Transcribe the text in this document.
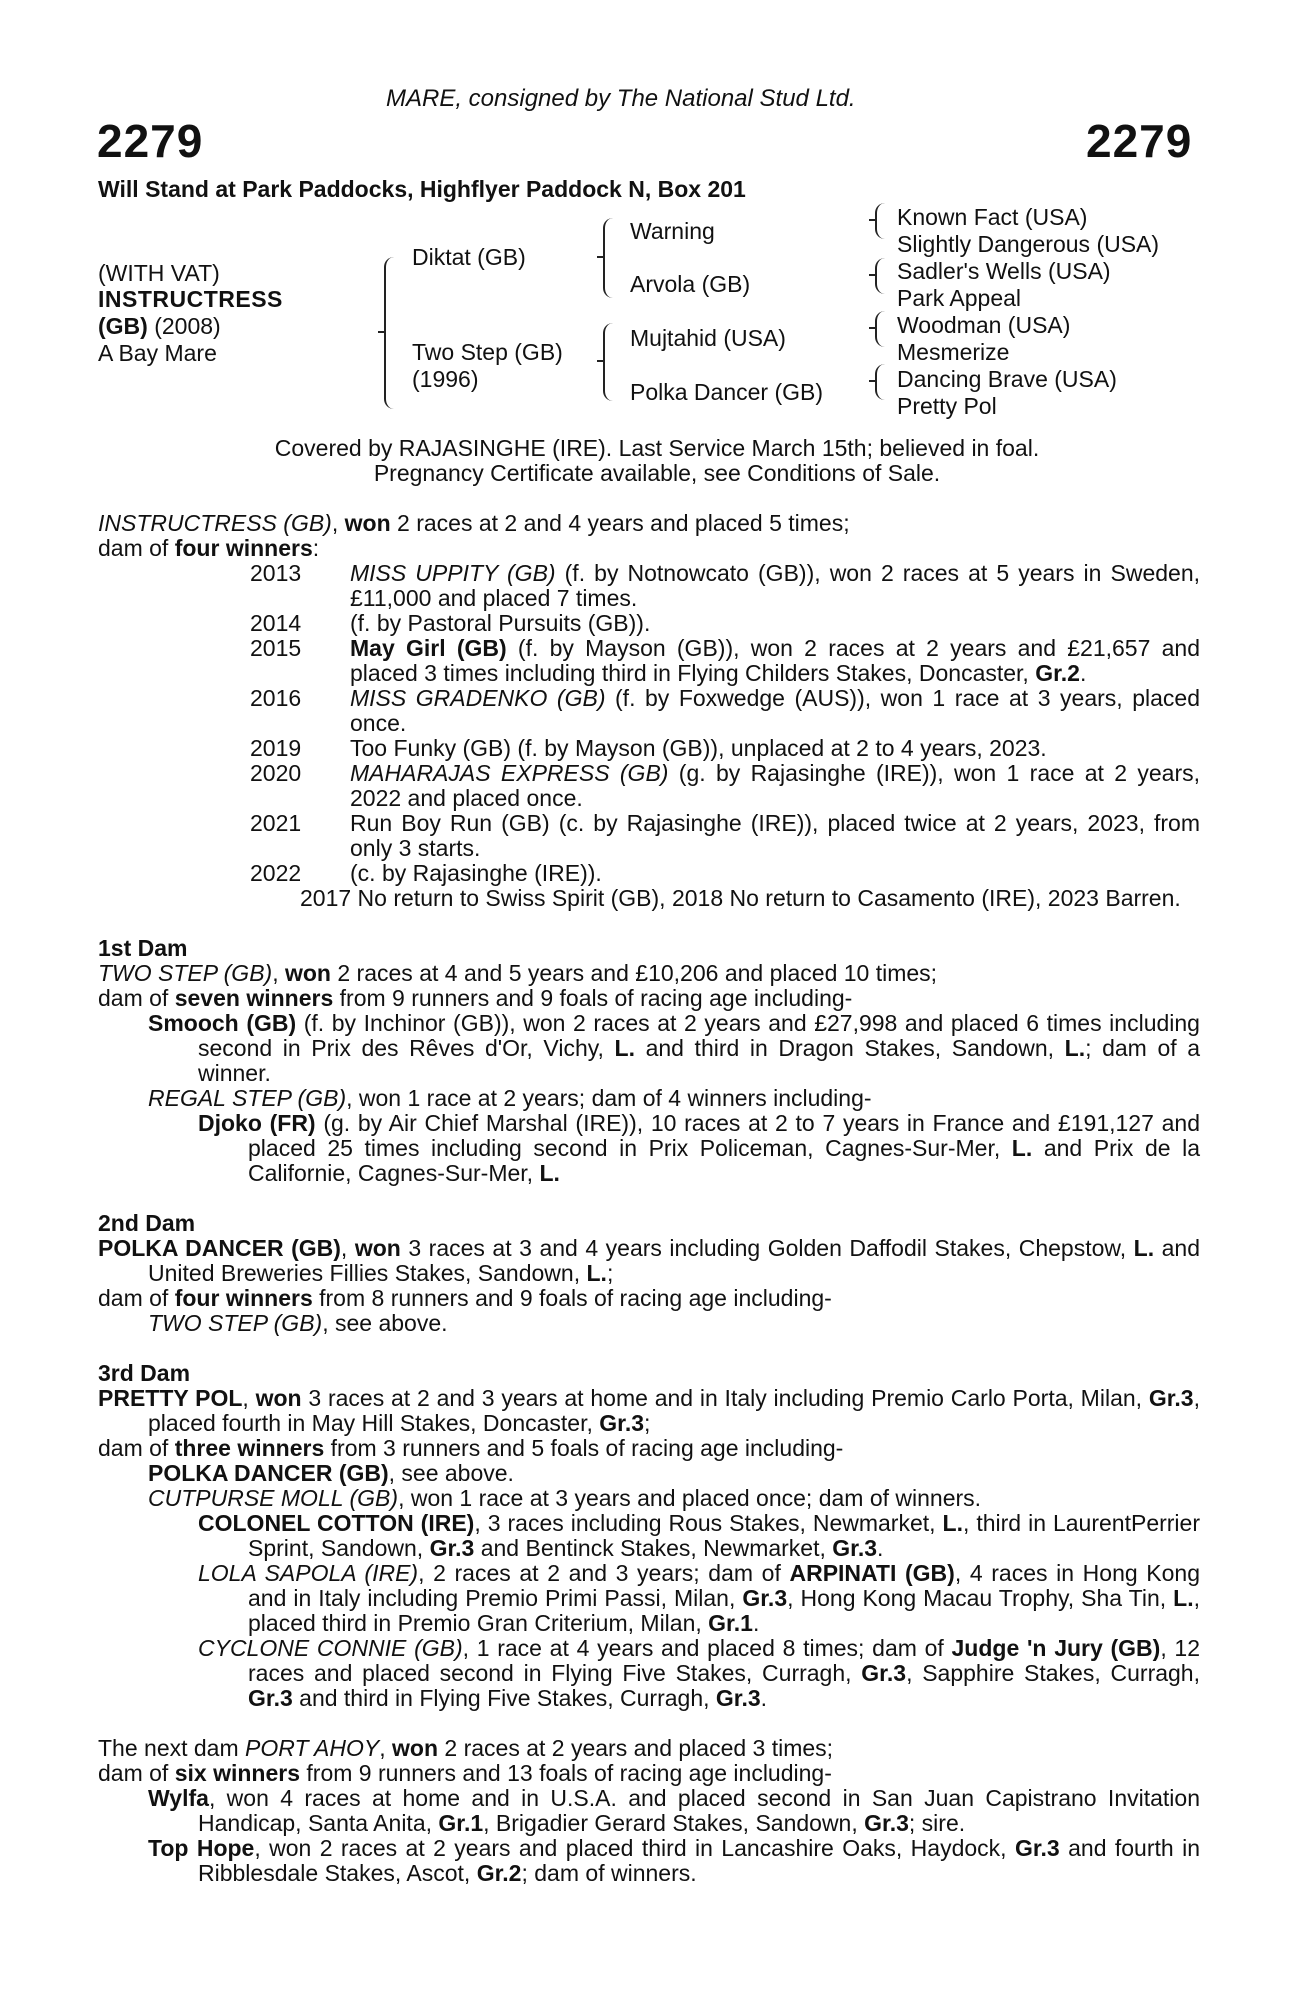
MARE, consigned by The National Stud Ltd.
2279	2279
Will Stand at Park Paddocks, Highflyer Paddock N, Box 201
(WITH VAT)
INSTRUCTRESS
(GB) (2008)
A Bay Mare
Diktat (GB)
Two Step (GB)
(1996)
Warning
Arvola (GB)
Mujtahid (USA)
Polka Dancer (GB)
Known Fact (USA)
Slightly Dangerous (USA)
Sadler's Wells (USA)
Park Appeal
Woodman (USA)
Mesmerize
Dancing Brave (USA)
Pretty Pol
Covered by RAJASINGHE (IRE). Last Service March 15th; believed in foal.
Pregnancy Certificate available, see Conditions of Sale.

INSTRUCTRESS (GB), won 2 races at 2 and 4 years and placed 5 times;

dam of four winners:

2013 MISS UPPITY (GB) (f. by Notnowcato (GB)), won 2 races at 5 years in Sweden, £11,000 and placed 7 times.

2014 (f. by Pastoral Pursuits (GB)).

2015 May Girl (GB) (f. by Mayson (GB)), won 2 races at 2 years and £21,657 and placed 3 times including third in Flying Childers Stakes, Doncaster, Gr.2.

2016 MISS GRADENKO (GB) (f. by Foxwedge (AUS)), won 1 race at 3 years, placed once.

2019 Too Funky (GB) (f. by Mayson (GB)), unplaced at 2 to 4 years, 2023.

2020 MAHARAJAS EXPRESS (GB) (g. by Rajasinghe (IRE)), won 1 race at 2 years, 2022 and placed once.

2021 Run Boy Run (GB) (c. by Rajasinghe (IRE)), placed twice at 2 years, 2023, from only 3 starts.

2022 (c. by Rajasinghe (IRE)).

2017 No return to Swiss Spirit (GB), 2018 No return to Casamento (IRE), 2023 Barren.

1st Dam

TWO STEP (GB), won 2 races at 4 and 5 years and £10,206 and placed 10 times;

dam of seven winners from 9 runners and 9 foals of racing age including-

Smooch (GB) (f. by Inchinor (GB)), won 2 races at 2 years and £27,998 and placed 6 times including second in Prix des Rêves d'Or, Vichy, L. and third in Dragon Stakes, Sandown, L.; dam of a winner.

REGAL STEP (GB), won 1 race at 2 years; dam of 4 winners including-

Djoko (FR) (g. by Air Chief Marshal (IRE)), 10 races at 2 to 7 years in France and £191,127 and placed 25 times including second in Prix Policeman, Cagnes-Sur-Mer, L. and Prix de la Californie, Cagnes-Sur-Mer, L.

2nd Dam

POLKA DANCER (GB), won 3 races at 3 and 4 years including Golden Daffodil Stakes, Chepstow, L. and United Breweries Fillies Stakes, Sandown, L.;

dam of four winners from 8 runners and 9 foals of racing age including-

TWO STEP (GB), see above.

3rd Dam

PRETTY POL, won 3 races at 2 and 3 years at home and in Italy including Premio Carlo Porta, Milan, Gr.3, placed fourth in May Hill Stakes, Doncaster, Gr.3;

dam of three winners from 3 runners and 5 foals of racing age including-

POLKA DANCER (GB), see above.

CUTPURSE MOLL (GB), won 1 race at 3 years and placed once; dam of winners.

COLONEL COTTON (IRE), 3 races including Rous Stakes, Newmarket, L., third in LaurentPerrier Sprint, Sandown, Gr.3 and Bentinck Stakes, Newmarket, Gr.3.

LOLA SAPOLA (IRE), 2 races at 2 and 3 years; dam of ARPINATI (GB), 4 races in Hong Kong and in Italy including Premio Primi Passi, Milan, Gr.3, Hong Kong Macau Trophy, Sha Tin, L., placed third in Premio Gran Criterium, Milan, Gr.1.

CYCLONE CONNIE (GB), 1 race at 4 years and placed 8 times; dam of Judge 'n Jury (GB), 12 races and placed second in Flying Five Stakes, Curragh, Gr.3, Sapphire Stakes, Curragh, Gr.3 and third in Flying Five Stakes, Curragh, Gr.3.

The next dam PORT AHOY, won 2 races at 2 years and placed 3 times;

dam of six winners from 9 runners and 13 foals of racing age including-

Wylfa, won 4 races at home and in U.S.A. and placed second in San Juan Capistrano Invitation Handicap, Santa Anita, Gr.1, Brigadier Gerard Stakes, Sandown, Gr.3; sire.

Top Hope, won 2 races at 2 years and placed third in Lancashire Oaks, Haydock, Gr.3 and fourth in Ribblesdale Stakes, Ascot, Gr.2; dam of winners.
